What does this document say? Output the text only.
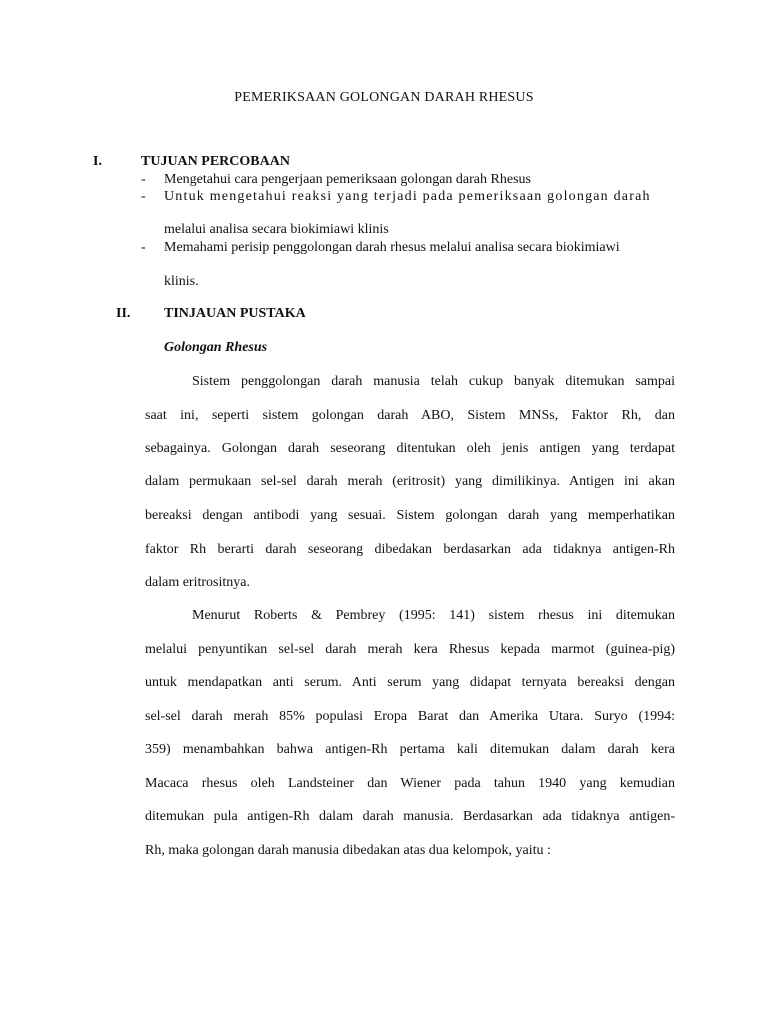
PEMERIKSAAN GOLONGAN DARAH RHESUS
I.	TUJUAN PERCOBAAN
- Mengetahui cara pengerjaan pemeriksaan golongan darah Rhesus
- Untuk mengetahui reaksi yang terjadi pada pemeriksaan golongan darah
melalui analisa secara biokimiawi klinis
- Memahami perisip penggolongan darah rhesus melalui analisa secara biokimiawi
klinis.
II. TINJAUAN PUSTAKA
Golongan Rhesus
Sistem penggolongan darah manusia telah cukup banyak ditemukan sampai
saat ini, seperti sistem golongan darah ABO, Sistem MNSs, Faktor Rh, dan
sebagainya. Golongan darah seseorang ditentukan oleh jenis antigen yang terdapat
dalam permukaan sel-sel darah merah (eritrosit) yang dimilikinya. Antigen ini akan
bereaksi dengan antibodi yang sesuai. Sistem golongan darah yang memperhatikan
faktor Rh berarti darah seseorang dibedakan berdasarkan ada tidaknya antigen-Rh
dalam eritrositnya.
Menurut Roberts & Pembrey (1995: 141) sistem rhesus ini ditemukan
melalui penyuntikan sel-sel darah merah kera Rhesus kepada marmot (guinea-pig)
untuk mendapatkan anti serum. Anti serum yang didapat ternyata bereaksi dengan
sel-sel darah merah 85% populasi Eropa Barat dan Amerika Utara. Suryo (1994:
359) menambahkan bahwa antigen-Rh pertama kali ditemukan dalam darah kera
Macaca rhesus oleh Landsteiner dan Wiener pada tahun 1940 yang kemudian
ditemukan pula antigen-Rh dalam darah manusia. Berdasarkan ada tidaknya antigen-
Rh, maka golongan darah manusia dibedakan atas dua kelompok, yaitu :
